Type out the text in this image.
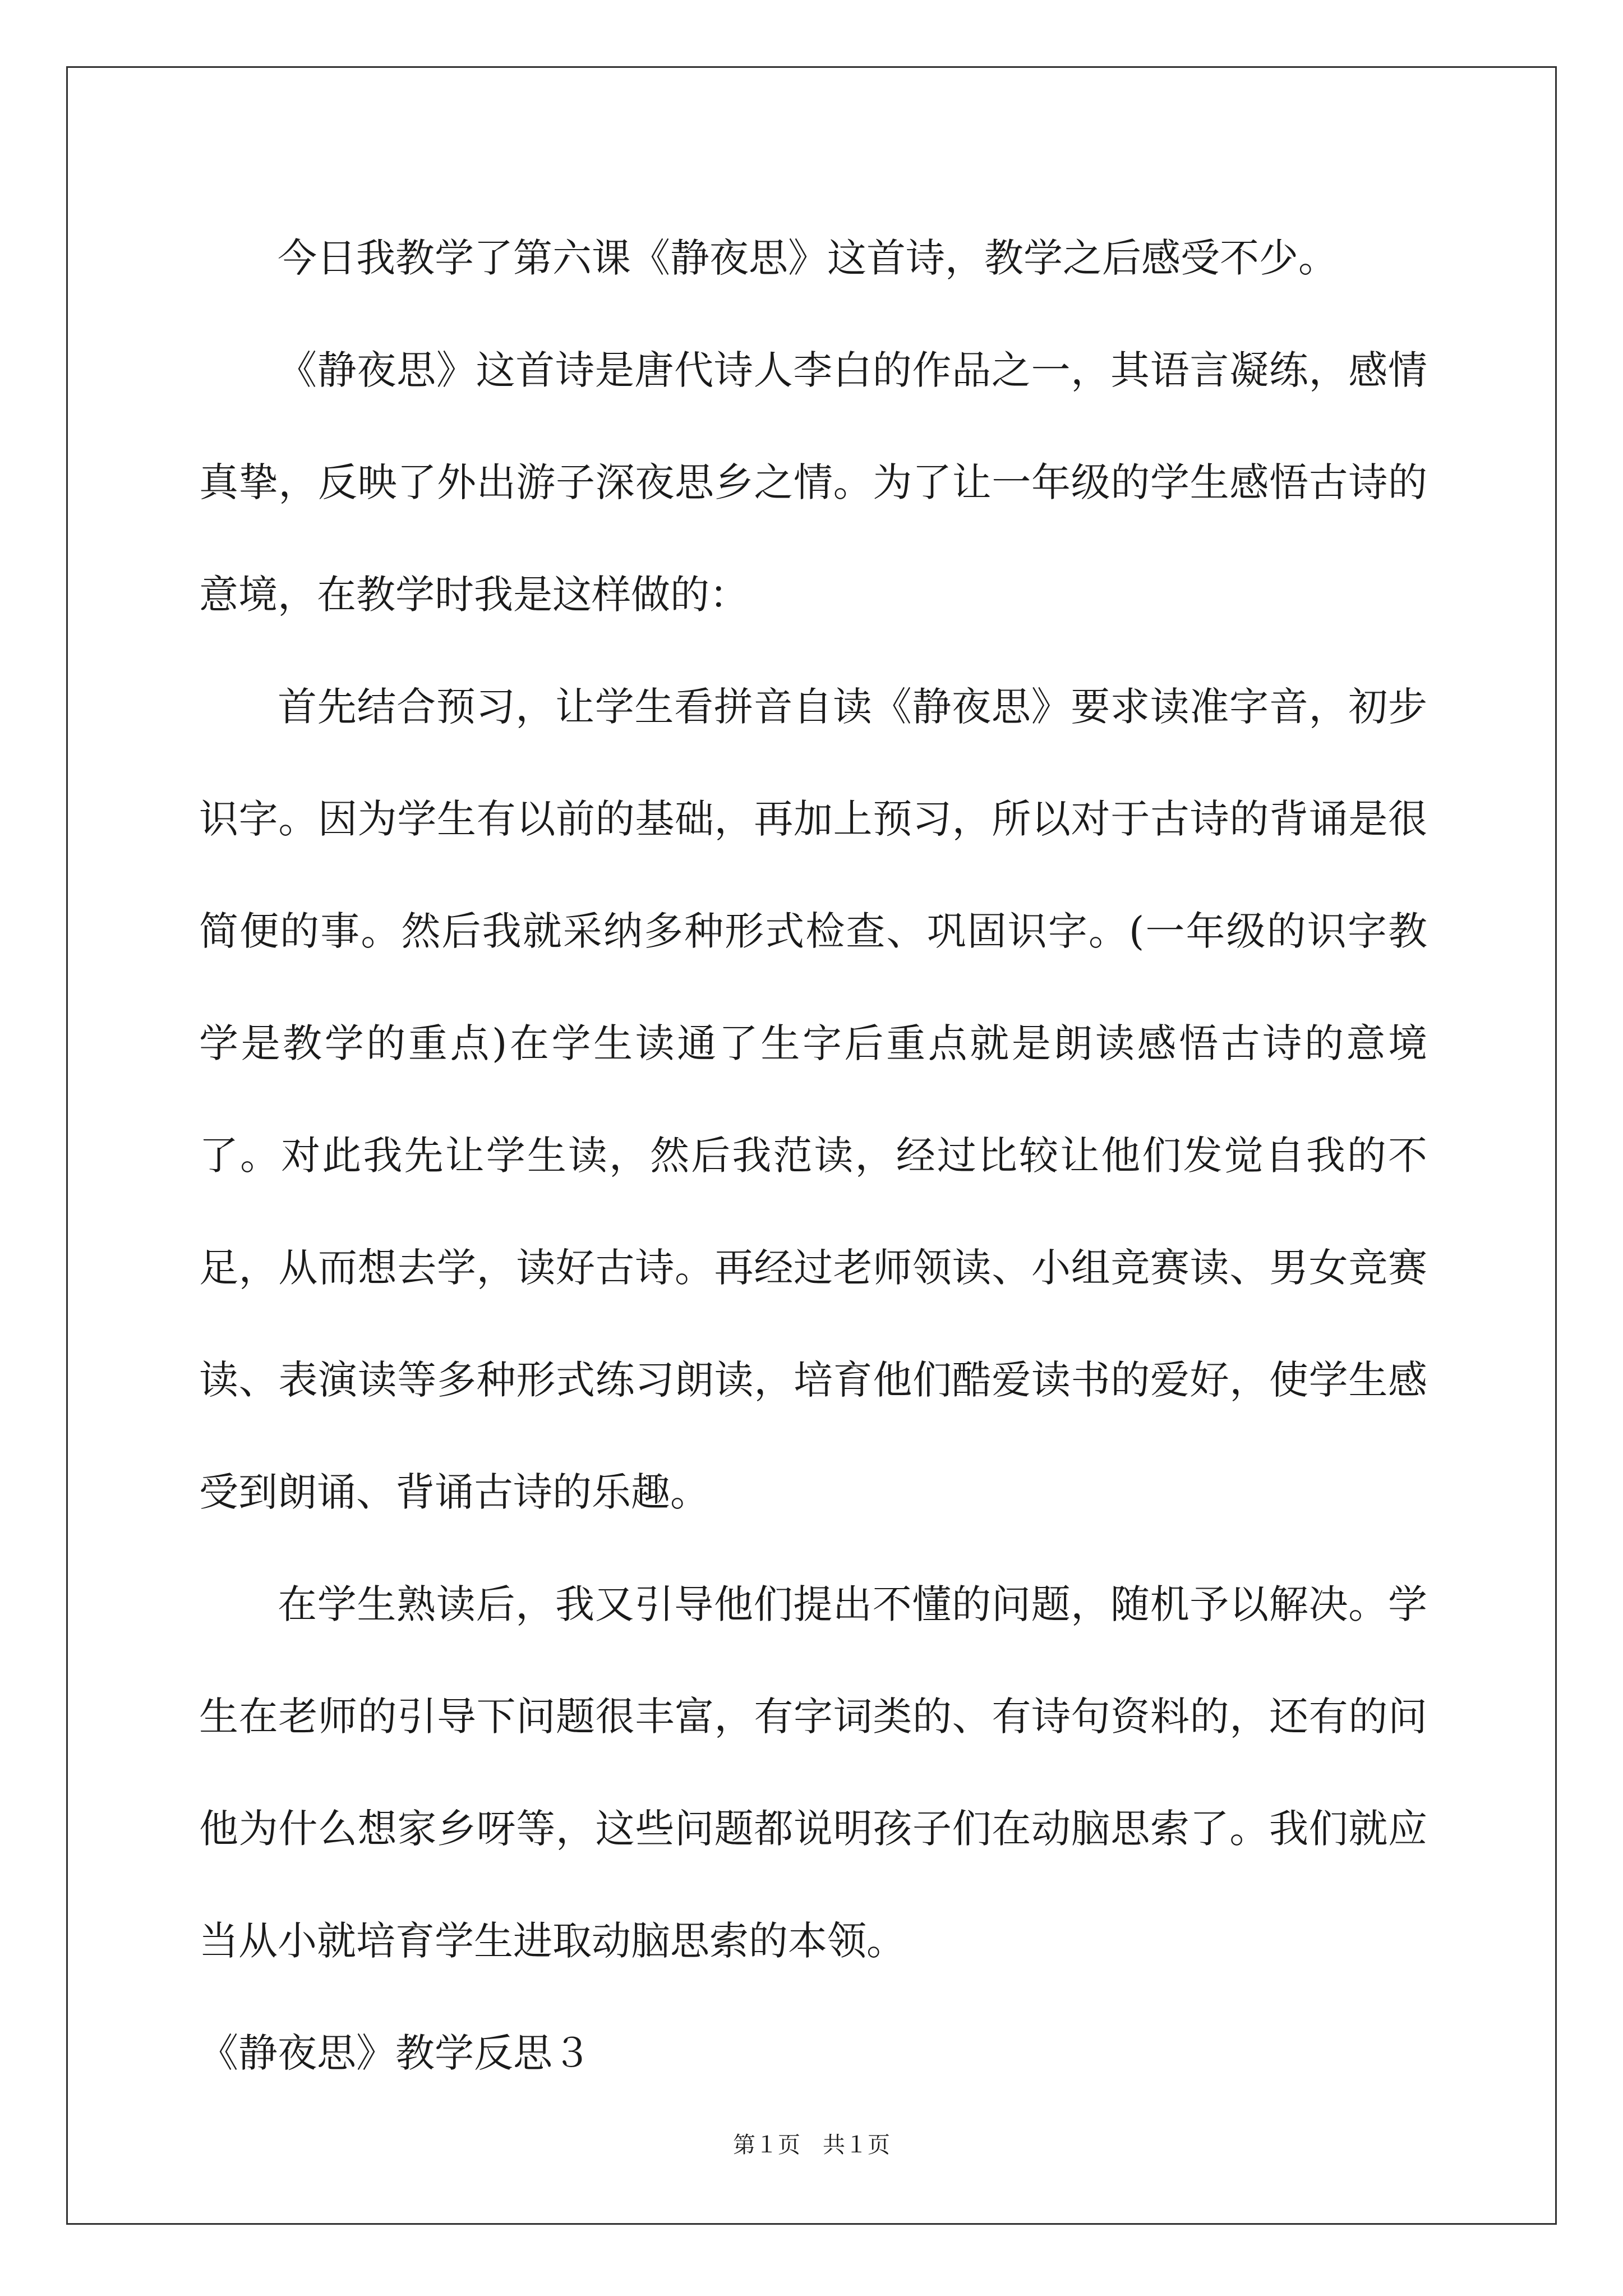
今日我教学了第六课《静夜思》这首诗，教学之后感受不少。

《静夜思》这首诗是唐代诗人李白的作品之一，其语言凝练，感情真挚，反映了外出游子深夜思乡之情。为了让一年级的学生感悟古诗的意境，在教学时我是这样做的：

首先结合预习，让学生看拼音自读《静夜思》要求读准字音，初步识字。因为学生有以前的基础，再加上预习，所以对于古诗的背诵是很简便的事。然后我就采纳多种形式检查、巩固识字。(一年级的识字教学是教学的重点)在学生读通了生字后重点就是朗读感悟古诗的意境了。对此我先让学生读，然后我范读，经过比较让他们发觉自我的不足，从而想去学，读好古诗。再经过老师领读、小组竞赛读、男女竞赛读、表演读等多种形式练习朗读，培育他们酷爱读书的爱好，使学生感受到朗诵、背诵古诗的乐趣。

在学生熟读后，我又引导他们提出不懂的问题，随机予以解决。学生在老师的引导下问题很丰富，有字词类的、有诗句资料的，还有的问他为什么想家乡呀等，这些问题都说明孩子们在动脑思索了。我们就应当从小就培育学生进取动脑思索的本领。

《静夜思》教学反思３

第１页　共１页
